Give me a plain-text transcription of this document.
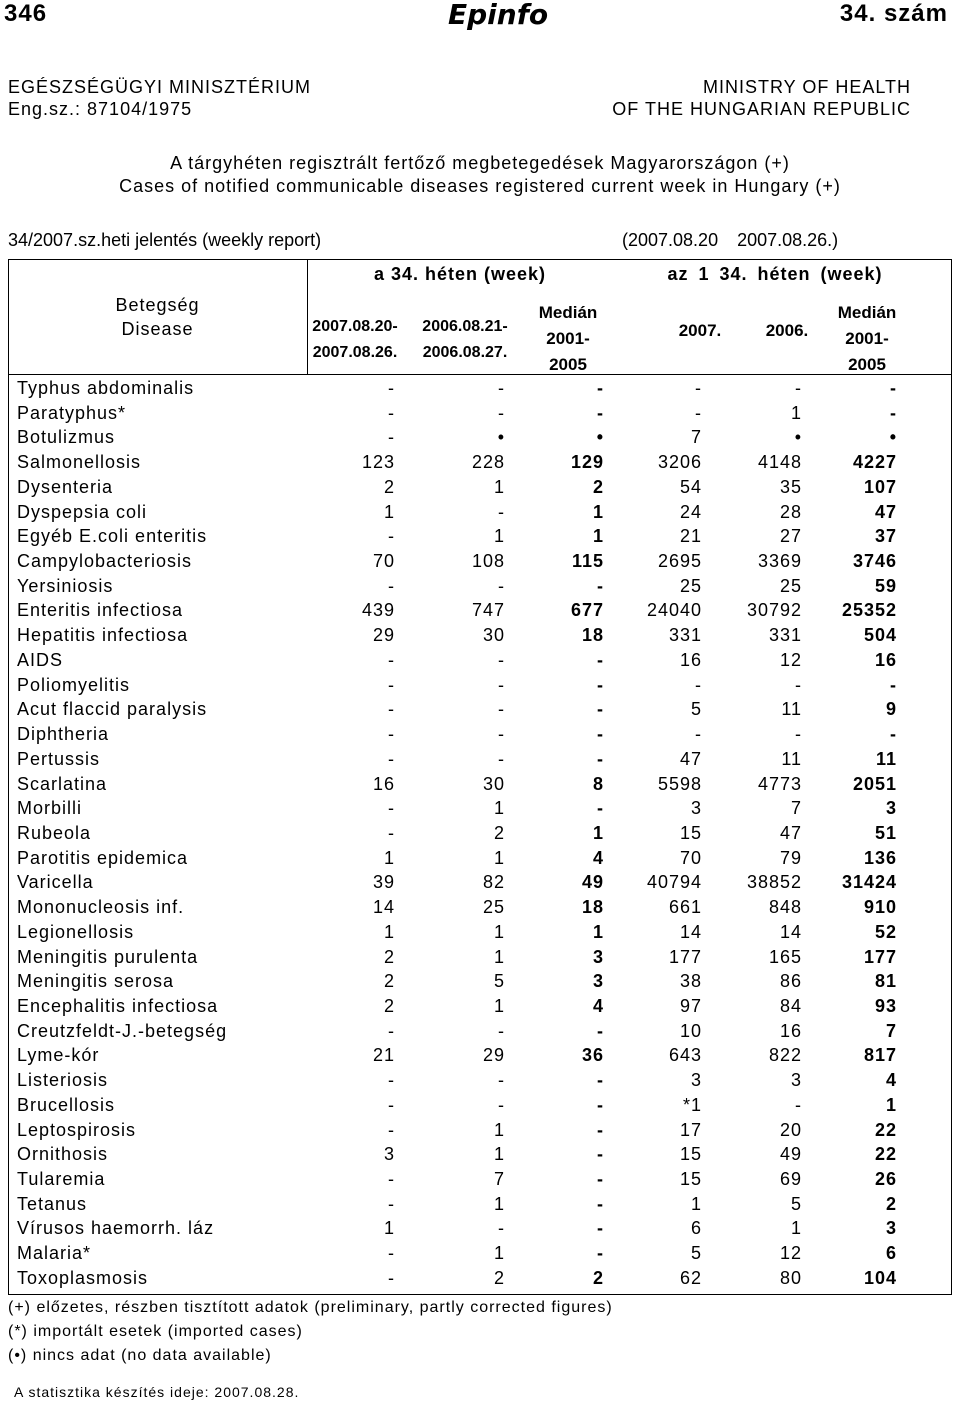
346	Epinfo	34. szám
EGÉSZSÉGÜGYI MINISZTÉRIUM
Eng.sz.: 87104/1975
MINISTRY OF HEALTH
OF THE HUNGARIAN REPUBLIC
A tárgyhéten regisztrált fertőző megbetegedések Magyarországon (+)
Cases of notified communicable diseases registered current week in Hungary (+)
34/2007.sz.heti jelentés (weekly report)	(2007.08.20 2007.08.26.)
Betegség
Disease
a 34. héten (week)	az 1 34. héten (week)
2007.08.20-
2007.08.26.
2006.08.21-
2006.08.27.
Medián
2001-
2005
2007.	2006.
Medián
2001-
2005
Typhus abdominalis	-	-	-	-	-	-
Paratyphus*	-	-	-	-	1	-
Botulizmus	-	•	•	7	•	•
Salmonellosis	123	228	129	3206	4148	4227
Dysenteria	2	1	2	54	35	107
Dyspepsia coli	1	-	1	24	28	47
Egyéb E.coli enteritis	-	1	1	21	27	37
Campylobacteriosis	70	108	115	2695	3369	3746
Yersiniosis	-	-	-	25	25	59
Enteritis infectiosa	439	747	677 24040 30792 25352
Hepatitis infectiosa	29	30	18	331	331	504
AIDS	-	-	-	16	12	16
Poliomyelitis	-	-	-	-	-	-
Acut flaccid paralysis	-	-	-	5	11	9
Diphtheria	-	-	-	-	-	-
Pertussis	-	-	-	47	11	11
Scarlatina	16	30	8	5598	4773	2051
Morbilli	-	1	-	3	7	3
Rubeola	-	2	1	15	47	51
Parotitis epidemica	1	1	4	70	79	136
Varicella	39	82	49 40794 38852 31424
Mononucleosis inf.	14	25	18	661	848	910
Legionellosis	1	1	1	14	14	52
Meningitis purulenta	2	1	3	177	165	177
Meningitis serosa	2	5	3	38	86	81
Encephalitis infectiosa	2	1	4	97	84	93
Creutzfeldt-J.-betegség	-	-	-	10	16	7
Lyme-kór	21	29	36	643	822	817
Listeriosis	-	-	-	3	3	4
Brucellosis	-	-	-	*1	-	1
Leptospirosis	-	1	-	17	20	22
Ornithosis	3	1	-	15	49	22
Tularemia	-	7	-	15	69	26
Tetanus	-	1	-	1	5	2
Vírusos haemorrh. láz	1	-	-	6	1	3
Malaria*	-	1	-	5	12	6
Toxoplasmosis	-	2	2	62	80	104
(+) előzetes, részben tisztított adatok (preliminary, partly corrected figures)
(*) importált esetek (imported cases)
(•) nincs adat (no data available)
A statisztika készítés ideje: 2007.08.28.
